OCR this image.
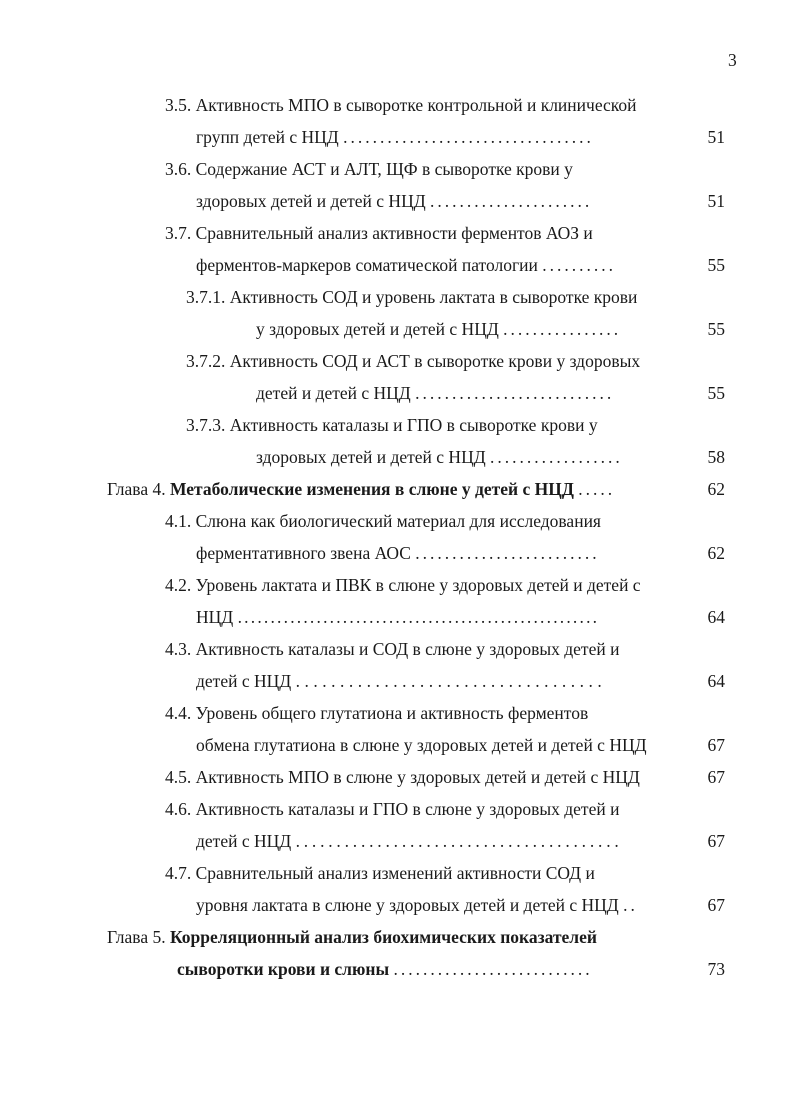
3
3.5. Активность МПО в сыворотке контрольной и клинической
групп детей с НЦД ..................................	51
3.6. Содержание АСТ и АЛТ, ЩФ в сыворотке крови у
здоровых детей и детей с НЦД ......................	51
3.7. Сравнительный анализ активности ферментов АОЗ и
ферментов-маркеров соматической патологии ..........	55
3.7.1. Активность СОД и уровень лактата в сыворотке крови
у здоровых детей и детей с НЦД ................	55
3.7.2. Активность СОД и АСТ в сыворотке крови у здоровых
детей и детей с НЦД ...........................	55
3.7.3. Активность каталазы и ГПО в сыворотке крови у
здоровых детей и детей с НЦД ..................	58
Глава 4. Метаболические изменения в слюне у детей с НЦД .....	62
4.1. Слюна как биологический материал для исследования
ферментативного звена АОС .........................	62
4.2. Уровень лактата и ПВК в слюне у здоровых детей и детей с
НЦД .......................................................	64
4.3. Активность каталазы и СОД в слюне у здоровых детей и
детей с НЦД ...................................	64
4.4. Уровень общего глутатиона и активность ферментов
обмена глутатиона в слюне у здоровых детей и детей с НЦД	67
4.5. Активность МПО в слюне у здоровых детей и детей с НЦД	67
4.6. Активность каталазы и ГПО в слюне у здоровых детей и
детей с НЦД ........................................	67
4.7. Сравнительный анализ изменений активности СОД и
уровня лактата в слюне у здоровых детей и детей с НЦД ..	67
Глава 5. Корреляционный анализ биохимических показателей
сыворотки крови и слюны ...........................	73
